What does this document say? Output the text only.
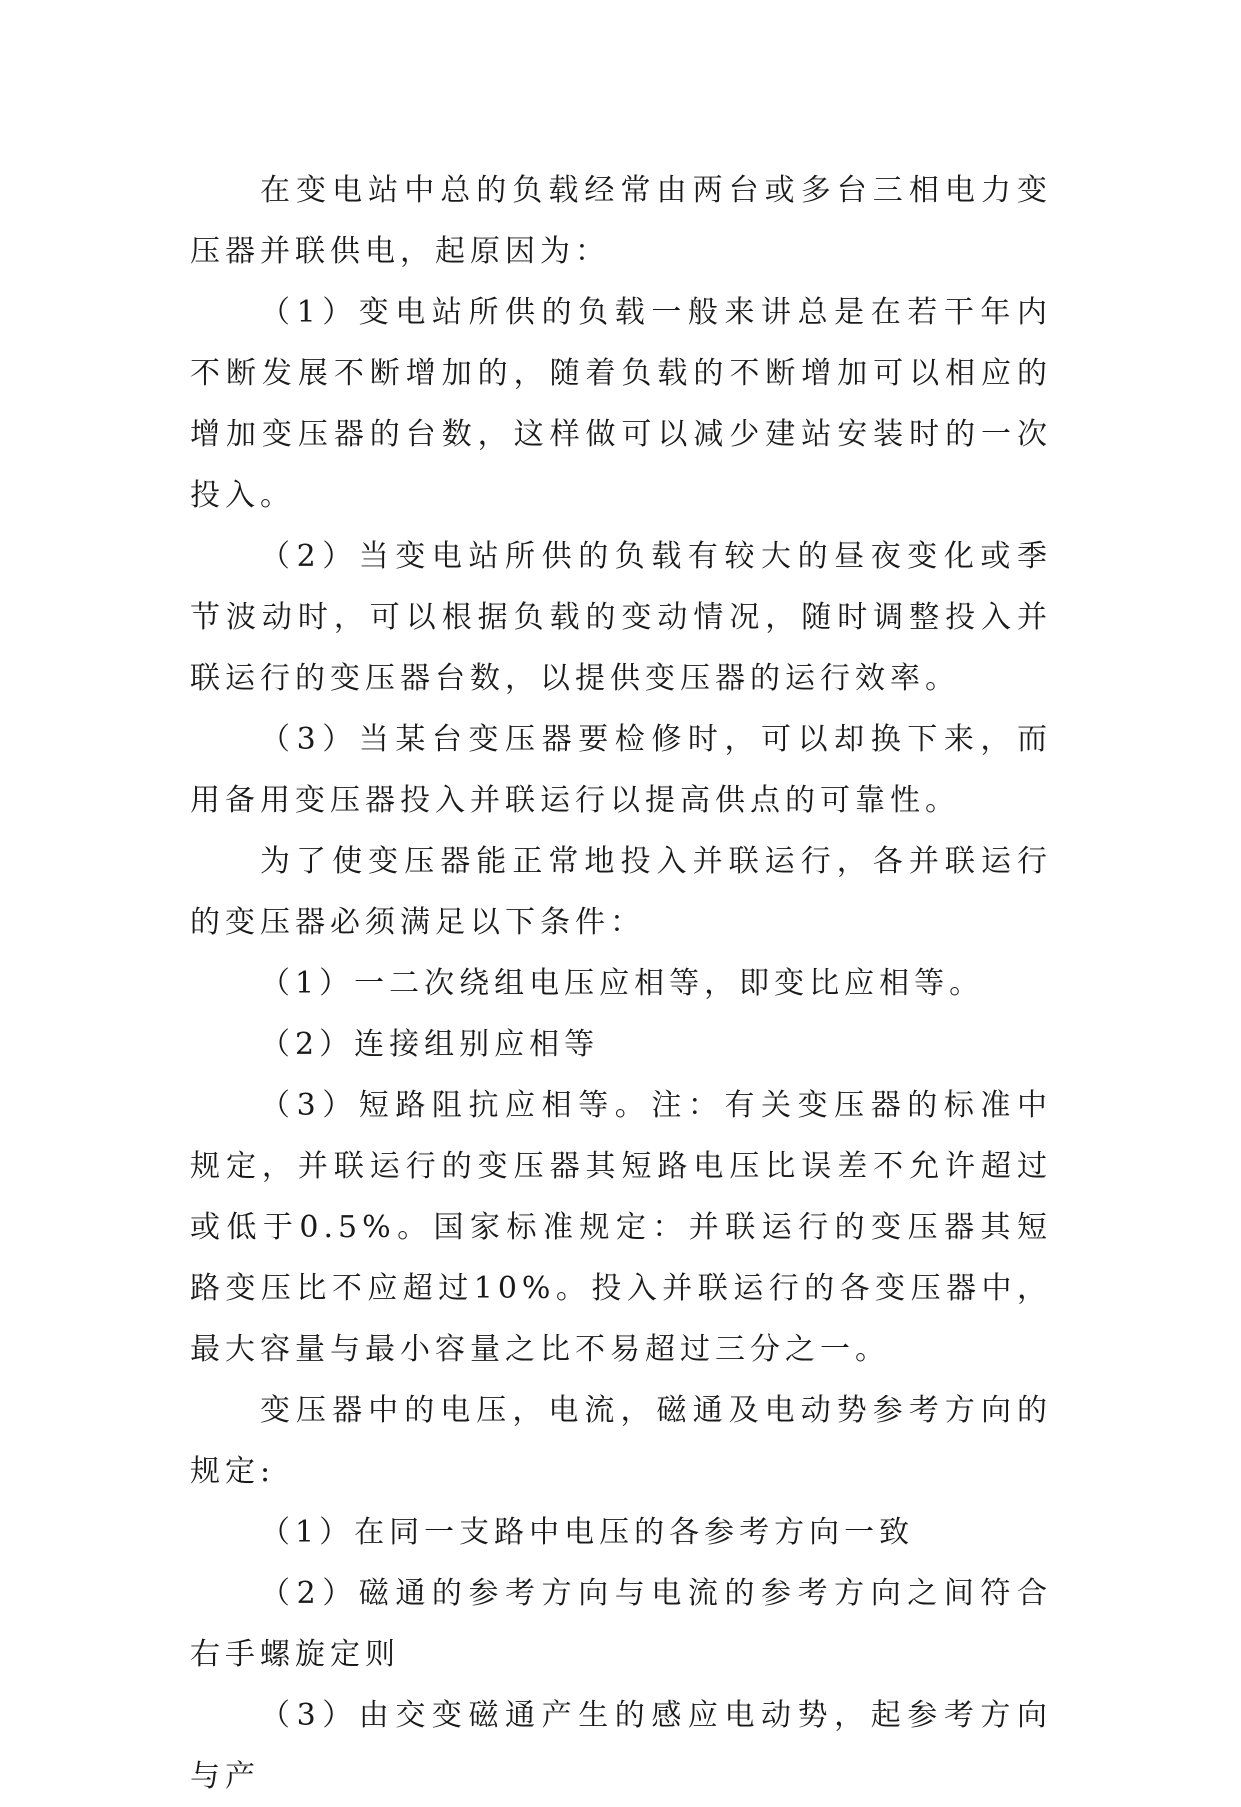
在变电站中总的负载经常由两台或多台三相电力变压器并联供电，起原因为：

（1）变电站所供的负载一般来讲总是在若干年内不断发展不断增加的，随着负载的不断增加可以相应的增加变压器的台数，这样做可以减少建站安装时的一次投入。

（2）当变电站所供的负载有较大的昼夜变化或季节波动时，可以根据负载的变动情况，随时调整投入并联运行的变压器台数，以提供变压器的运行效率。

（3）当某台变压器要检修时，可以却换下来，而用备用变压器投入并联运行以提高供点的可靠性。

为了使变压器能正常地投入并联运行，各并联运行的变压器必须满足以下条件：

（1）一二次绕组电压应相等，即变比应相等。

（2）连接组别应相等

（3）短路阻抗应相等。注：有关变压器的标准中规定，并联运行的变压器其短路电压比误差不允许超过或低于0.5%。国家标准规定：并联运行的变压器其短路变压比不应超过10%。投入并联运行的各变压器中，最大容量与最小容量之比不易超过三分之一。

变压器中的电压，电流，磁通及电动势参考方向的规定:

（1）在同一支路中电压的各参考方向一致

（2）磁通的参考方向与电流的参考方向之间符合右手螺旋定则

（3）由交变磁通产生的感应电动势，起参考方向与产
